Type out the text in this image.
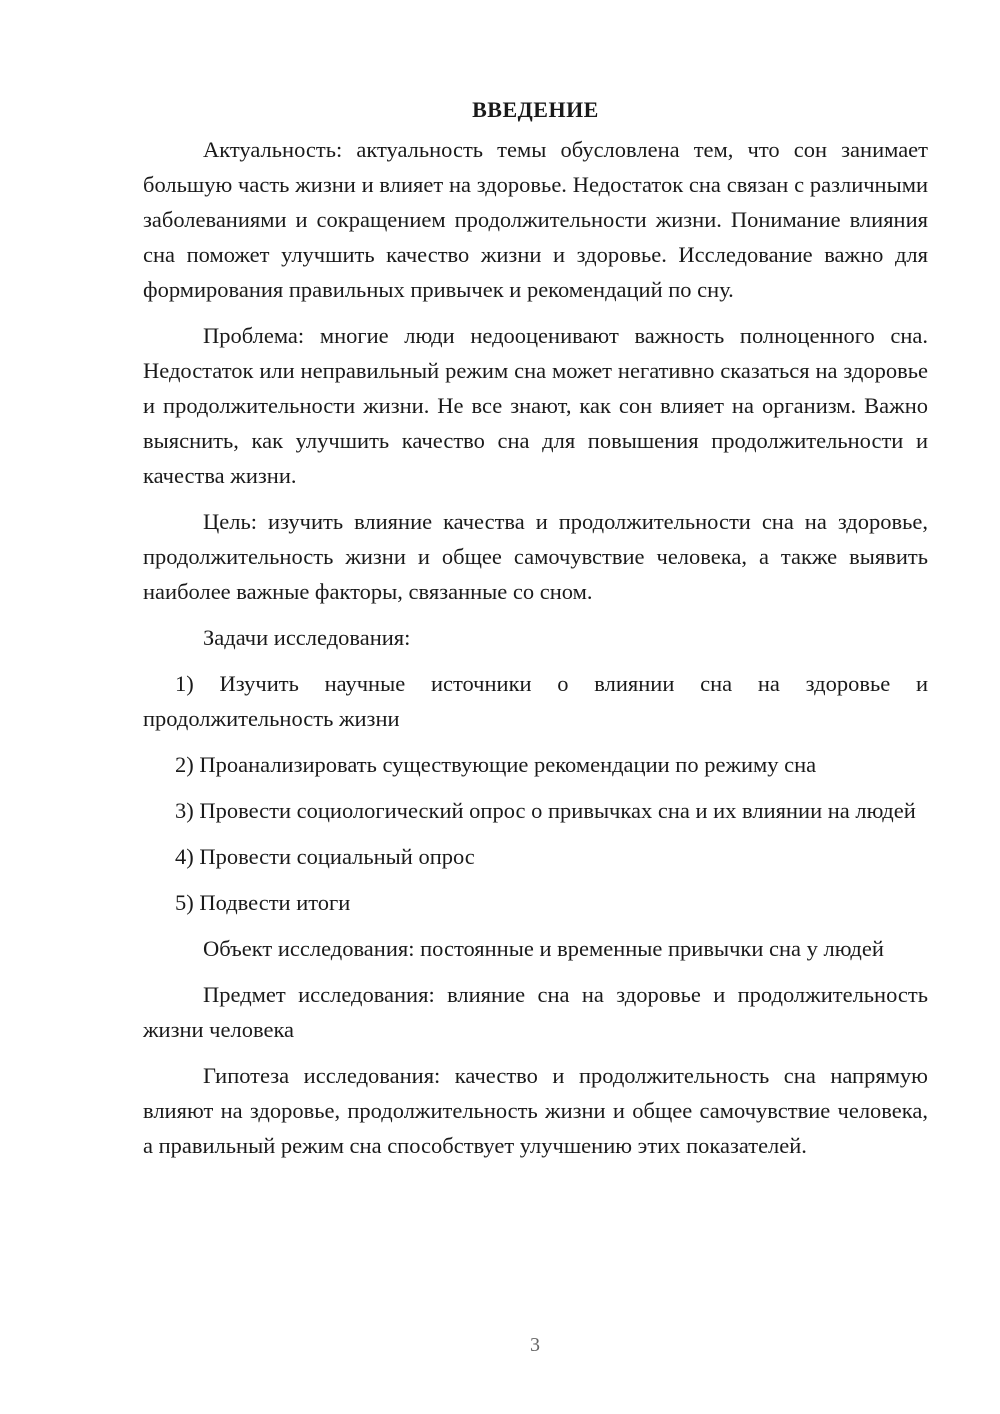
ВВЕДЕНИЕ

Актуальность: актуальность темы обусловлена тем, что сон занимает большую часть жизни и влияет на здоровье. Недостаток сна связан с различными заболеваниями и сокращением продолжительности жизни. Понимание влияния сна поможет улучшить качество жизни и здоровье. Исследование важно для формирования правильных привычек и рекомендаций по сну.

Проблема: многие люди недооценивают важность полноценного сна. Недостаток или неправильный режим сна может негативно сказаться на здоровье и продолжительности жизни. Не все знают, как сон влияет на организм. Важно выяснить, как улучшить качество сна для повышения продолжительности и качества жизни.

Цель: изучить влияние качества и продолжительности сна на здоровье, продолжительность жизни и общее самочувствие человека, а также выявить наиболее важные факторы, связанные со сном.

Задачи исследования:

1) Изучить научные источники о влиянии сна на здоровье и продолжительность жизни

2) Проанализировать существующие рекомендации по режиму сна

3) Провести социологический опрос о привычках сна и их влиянии на людей

4) Провести социальный опрос

5) Подвести итоги

Объект исследования: постоянные и временные привычки сна у людей

Предмет исследования: влияние сна на здоровье и продолжительность жизни человека

Гипотеза исследования: качество и продолжительность сна напрямую влияют на здоровье, продолжительность жизни и общее самочувствие человека, а правильный режим сна способствует улучшению этих показателей.

3
